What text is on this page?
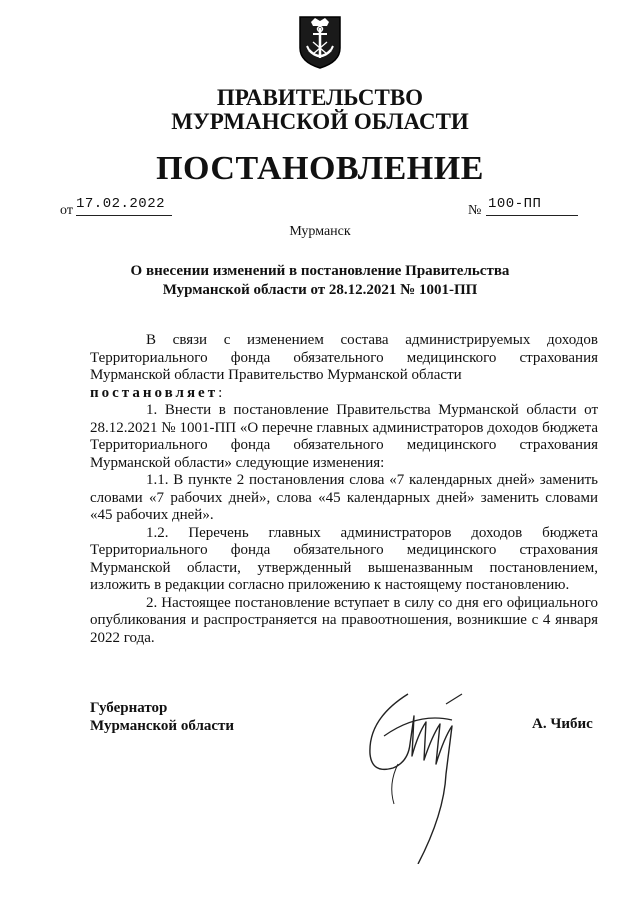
ПРАВИТЕЛЬСТВО
МУРМАНСКОЙ ОБЛАСТИ
ПОСТАНОВЛЕНИЕ
от 17.02.2022	№ 100-ПП
Мурманск
О внесении изменений в постановление Правительства
Мурманской области от 28.12.2021 № 1001-ПП

В связи с изменением состава администрируемых доходов Территориального фонда обязательного медицинского страхования Мурманской области Правительство Мурманской области

постановляет:

1. Внести в постановление Правительства Мурманской области от 28.12.2021 № 1001-ПП «О перечне главных администраторов доходов бюджета Территориального фонда обязательного медицинского страхования Мурманской области» следующие изменения:

1.1. В пункте 2 постановления слова «7 календарных дней» заменить словами «7 рабочих дней», слова «45 календарных дней» заменить словами «45 рабочих дней».

1.2. Перечень главных администраторов доходов бюджета Территориального фонда обязательного медицинского страхования Мурманской области, утвержденный вышеназванным постановлением, изложить в редакции согласно приложению к настоящему постановлению.

2. Настоящее постановление вступает в силу со дня его официального опубликования и распространяется на правоотношения, возникшие с 4 января 2022 года.

Губернатор
Мурманской области	А. Чибис
